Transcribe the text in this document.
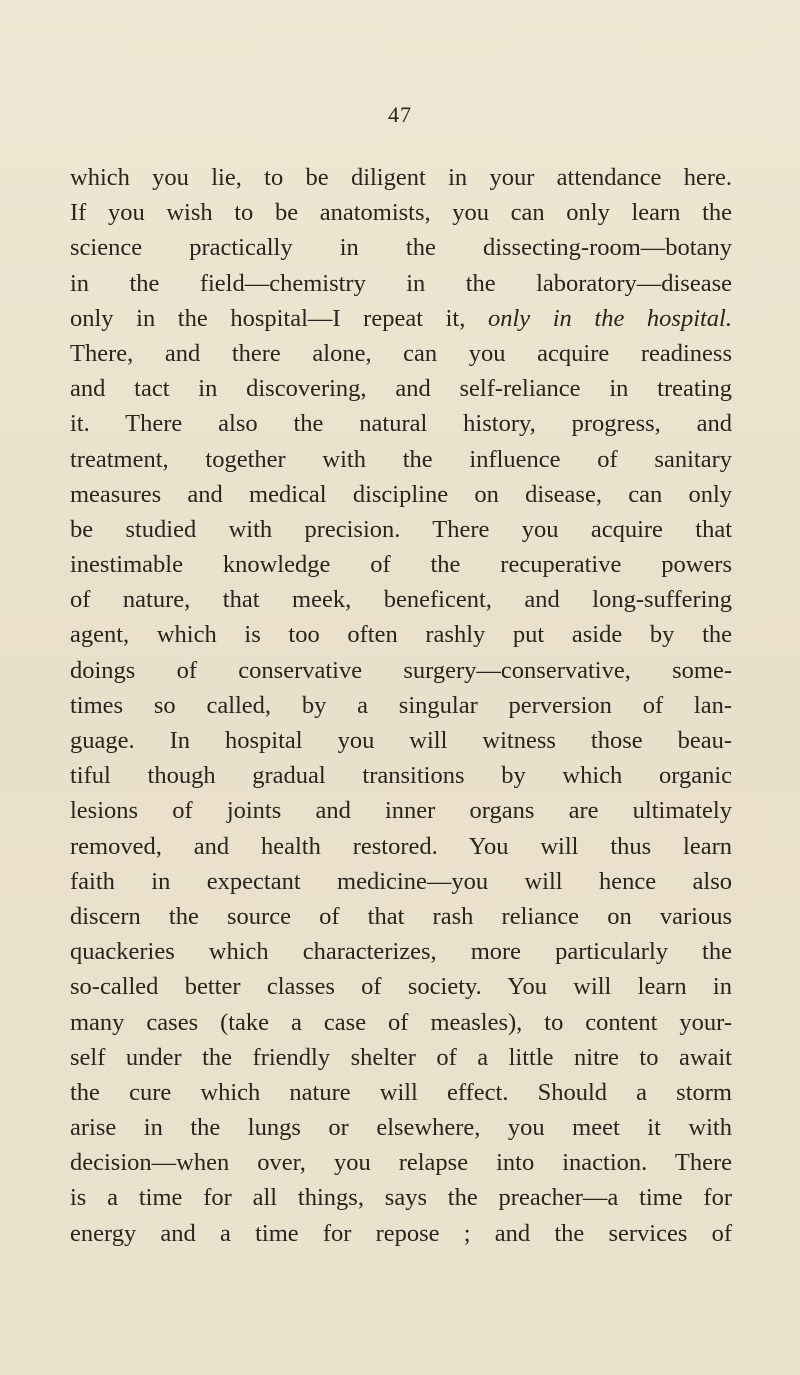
47
which you lie, to be diligent in your attendance here.
If you wish to be anatomists, you can only learn the
science practically in the dissecting-room—botany
in the field—chemistry in the laboratory—disease
only in the hospital—I repeat it, only in the hospital.
There, and there alone, can you acquire readiness
and tact in discovering, and self-reliance in treating
it. There also the natural history, progress, and
treatment, together with the influence of sanitary
measures and medical discipline on disease, can only
be studied with precision. There you acquire that
inestimable knowledge of the recuperative powers
of nature, that meek, beneficent, and long-suffering
agent, which is too often rashly put aside by the
doings of conservative surgery—conservative, some-
times so called, by a singular perversion of lan-
guage. In hospital you will witness those beau-
tiful though gradual transitions by which organic
lesions of joints and inner organs are ultimately
removed, and health restored. You will thus learn
faith in expectant medicine—you will hence also
discern the source of that rash reliance on various
quackeries which characterizes, more particularly the
so-called better classes of society. You will learn in
many cases (take a case of measles), to content your-
self under the friendly shelter of a little nitre to await
the cure which nature will effect. Should a storm
arise in the lungs or elsewhere, you meet it with
decision—when over, you relapse into inaction. There
is a time for all things, says the preacher—a time for
energy and a time for repose ; and the services of
